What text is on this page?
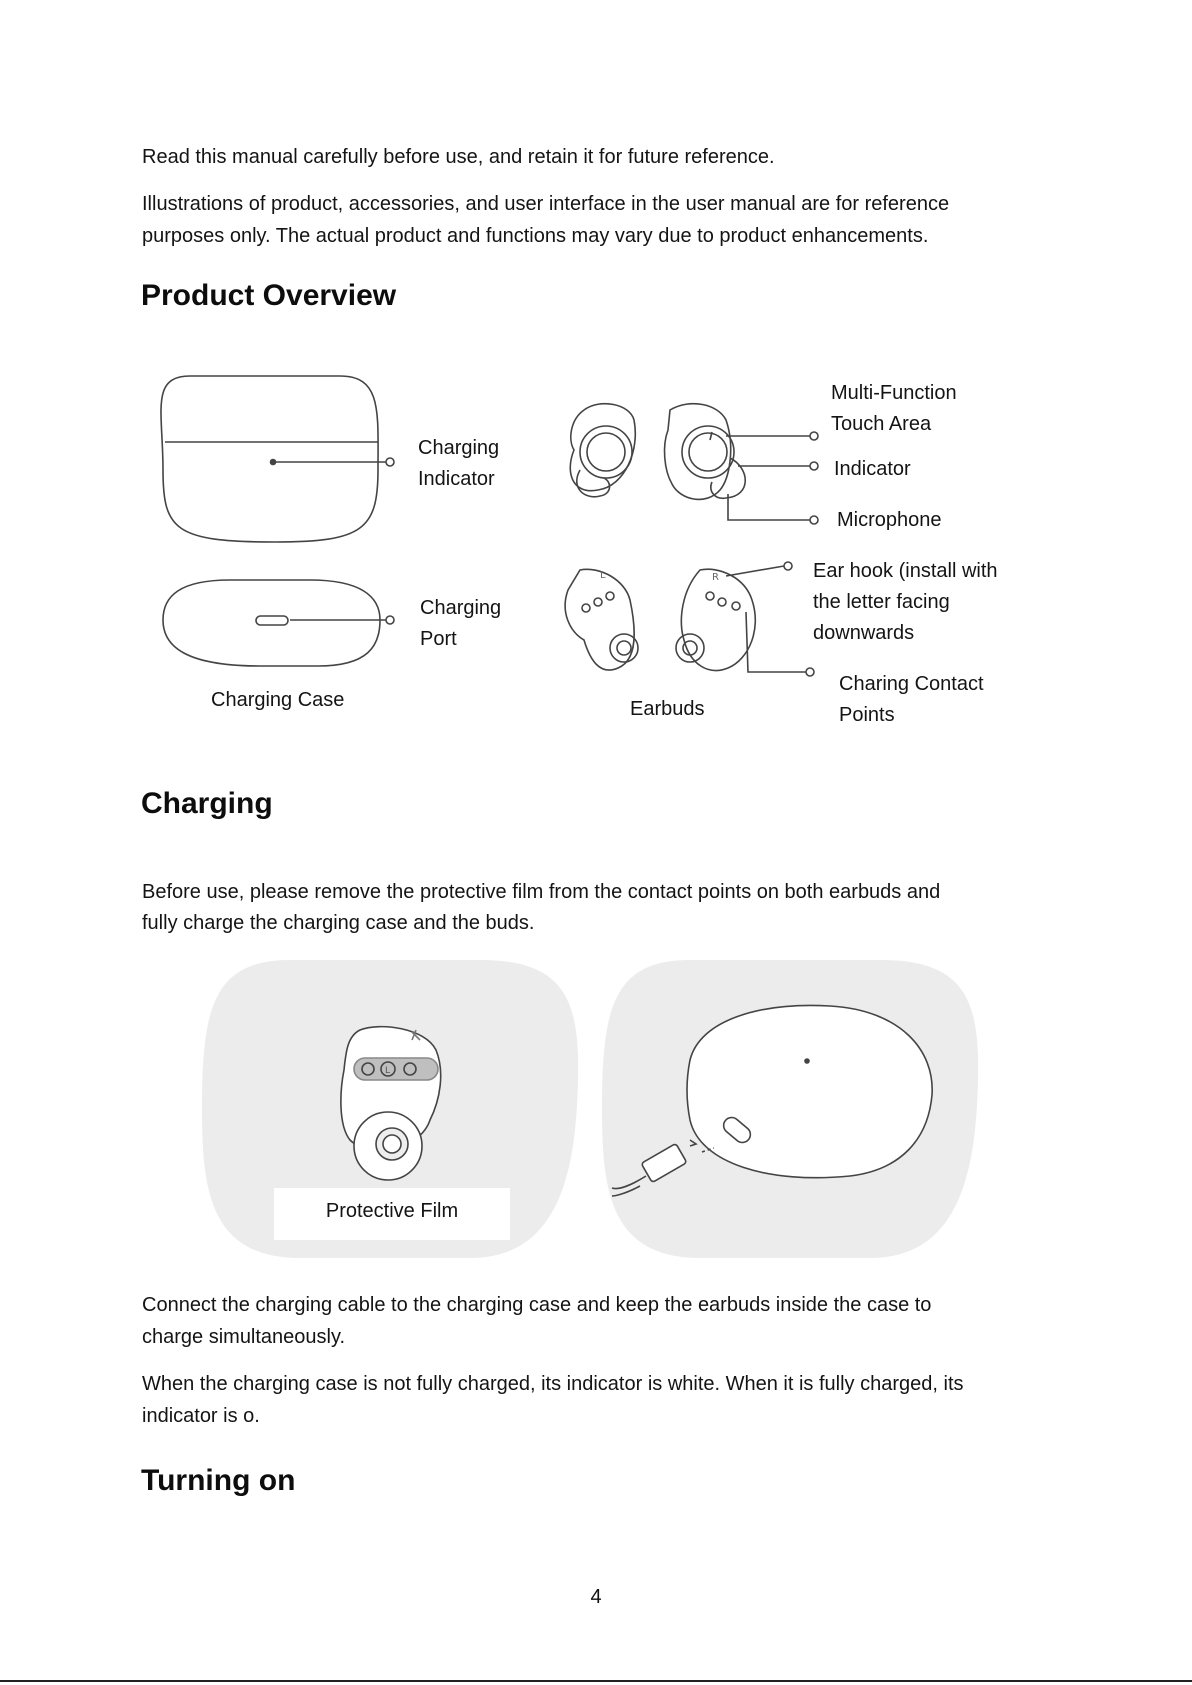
Read this manual carefully before use, and retain it for future reference.

Illustrations of product, accessories, and user interface in the user manual are for reference

purposes only. The actual product and functions may vary due to product enhancements.

Product Overview
L	R
Charging
Indicator
Charging
Port
Charging Case	Earbuds
Multi-Function
Touch Area
Indicator
Microphone
Ear hook (install with
the letter facing
downwards
Charing Contact
Points
Charging

Before use, please remove the protective film from the contact points on both earbuds and

fully charge the charging case and the buds.

L
Protective Film

Connect the charging cable to the charging case and keep the earbuds inside the case to

charge simultaneously.

When the charging case is not fully charged, its indicator is white. When it is fully charged, its

indicator is o.

Turning on
4
